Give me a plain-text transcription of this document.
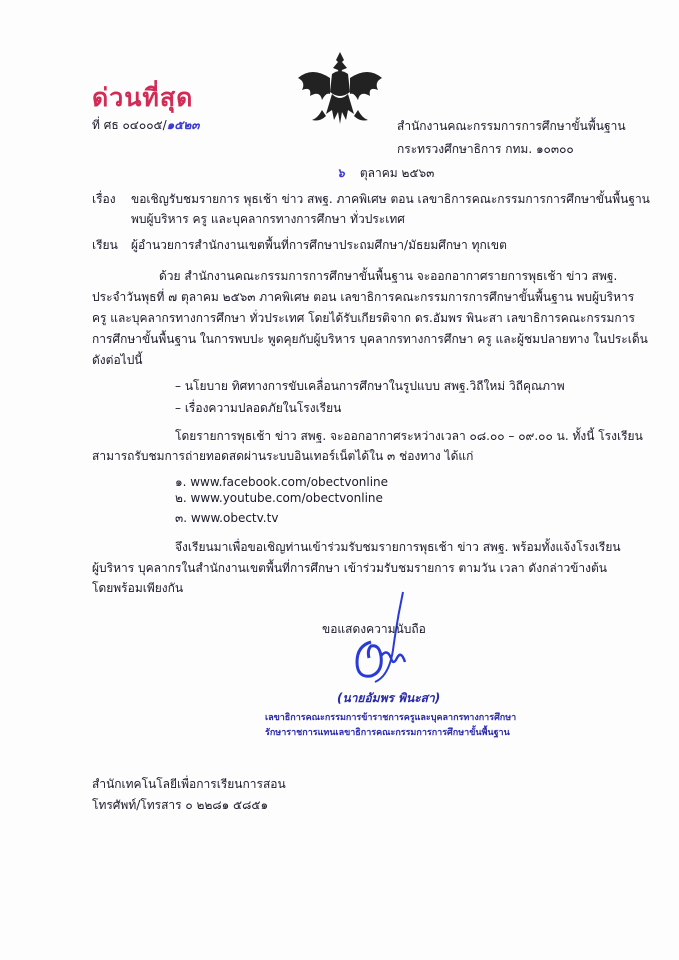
ด่วนที่สุด
ที่ ศธ ๐๔๐๐๕/๑๕๒๓	สำนักงานคณะกรรมการการศึกษาขั้นพื้นฐาน
กระทรวงศึกษาธิการ กทม. ๑๐๓๐๐
๖ ตุลาคม ๒๕๖๓
เรื่อง ขอเชิญรับชมรายการ พุธเช้า ข่าว สพฐ. ภาคพิเศษ ตอน เลขาธิการคณะกรรมการการศึกษาขั้นพื้นฐาน
พบผู้บริหาร ครู และบุคลากรทางการศึกษา ทั่วประเทศ
เรียน ผู้อำนวยการสำนักงานเขตพื้นที่การศึกษาประถมศึกษา/มัธยมศึกษา ทุกเขต
ด้วย สำนักงานคณะกรรมการการศึกษาขั้นพื้นฐาน จะออกอากาศรายการพุธเช้า ข่าว สพฐ.
ประจำวันพุธที่ ๗ ตุลาคม ๒๕๖๓ ภาคพิเศษ ตอน เลขาธิการคณะกรรมการการศึกษาขั้นพื้นฐาน พบผู้บริหาร
ครู และบุคลากรทางการศึกษา ทั่วประเทศ โดยได้รับเกียรติจาก ดร.อัมพร พินะสา เลขาธิการคณะกรรมการ
การศึกษาขั้นพื้นฐาน ในการพบปะ พูดคุยกับผู้บริหาร บุคลากรทางการศึกษา ครู และผู้ชมปลายทาง ในประเด็น
ดังต่อไปนี้
– นโยบาย ทิศทางการขับเคลื่อนการศึกษาในรูปแบบ สพฐ.วิถีใหม่ วิถีคุณภาพ
– เรื่องความปลอดภัยในโรงเรียน
โดยรายการพุธเช้า ข่าว สพฐ. จะออกอากาศระหว่างเวลา ๐๘.๐๐ – ๐๙.๐๐ น. ทั้งนี้ โรงเรียน
สามารถรับชมการถ่ายทอดสดผ่านระบบอินเทอร์เน็ตได้ใน ๓ ช่องทาง ได้แก่
๑. www.facebook.com/obectvonline
๒. www.youtube.com/obectvonline
๓. www.obectv.tv
จึงเรียนมาเพื่อขอเชิญท่านเข้าร่วมรับชมรายการพุธเช้า ข่าว สพฐ. พร้อมทั้งแจ้งโรงเรียน
ผู้บริหาร บุคลากรในสำนักงานเขตพื้นที่การศึกษา เข้าร่วมรับชมรายการ ตามวัน เวลา ดังกล่าวข้างต้น
โดยพร้อมเพียงกัน
ขอแสดงความนับถือ
(นายอัมพร พินะสา)
เลขาธิการคณะกรรมการข้าราชการครูและบุคลากรทางการศึกษา
รักษาราชการแทนเลขาธิการคณะกรรมการการศึกษาขั้นพื้นฐาน
สำนักเทคโนโลยีเพื่อการเรียนการสอน
โทรศัพท์/โทรสาร ๐ ๒๒๘๑ ๕๘๕๑
